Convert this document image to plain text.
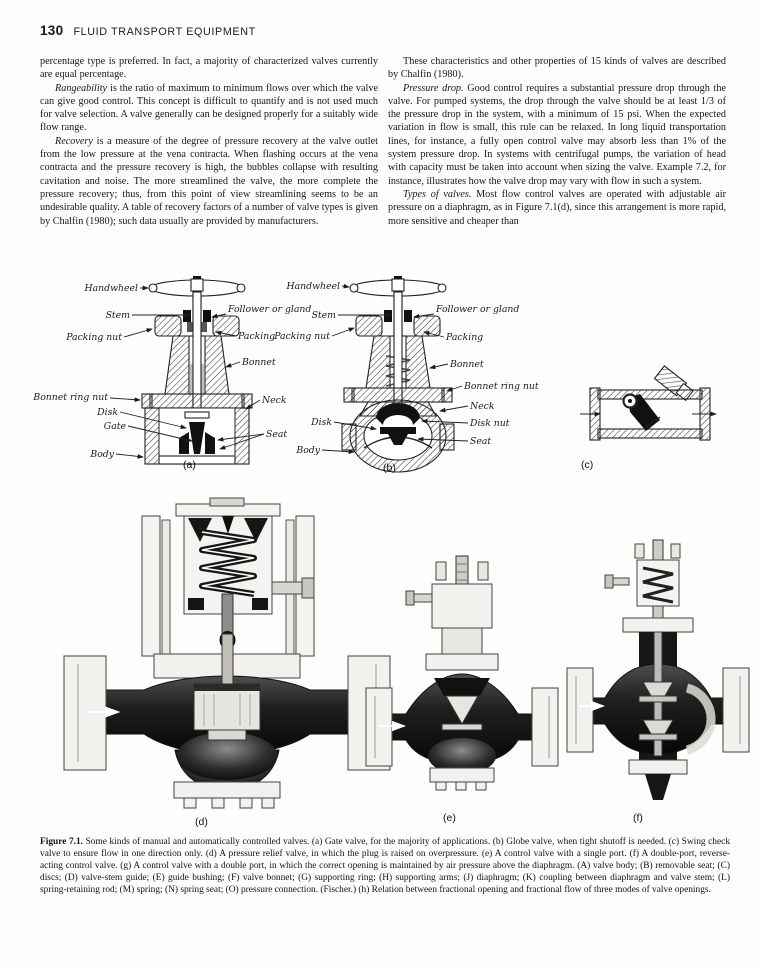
130 FLUID TRANSPORT EQUIPMENT

percentage type is preferred. In fact, a majority of characterized valves currently are equal percentage.

Rangeability is the ratio of maximum to minimum flows over which the valve can give good control. This concept is difficult to quantify and is not used much for valve selection. A valve generally can be designed properly for a suitably wide flow range.

Recovery is a measure of the degree of pressure recovery at the valve outlet from the low pressure at the vena contracta. When flashing occurs at the vena contracta and the pressure recovery is high, the bubbles collapse with resulting cavitation and noise. The more streamlined the valve, the more complete the pressure recovery; thus, from this point of view streamlining seems to be an undesirable quality. A table of recovery factors of a number of valve types is given by Chalfin (1980); such data usually are provided by manufacturers.

These characteristics and other properties of 15 kinds of valves are described by Chalfin (1980).

Pressure drop. Good control requires a substantial pressure drop through the valve. For pumped systems, the drop through the valve should be at least 1/3 of the pressure drop in the system, with a minimum of 15 psi. When the expected variation in flow is small, this rule can be relaxed. In long liquid transportation lines, for instance, a fully open control valve may absorb less than 1% of the system pressure drop. In systems with centrifugal pumps, the variation of head with capacity must be taken into account when sizing the valve. Example 7.2, for instance, illustrates how the valve drop may vary with flow in such a system.

Types of valves. Most flow control valves are operated with adjustable air pressure on a diaphragm, as in Figure 7.1(d), since this arrangement is more rapid, more sensitive and cheaper than

Handwheel
Stem
Packing nut
Bonnet ring nut
Disk
Gate
Body
Follower or gland
Packing
Bonnet
Neck
Seat
Handwheel
Stem
Packing nut
Disk
Body
Follower or gland
Packing
Bonnet
Bonnet ring nut
Neck
Disk nut
Seat
(a)	(b)	(c)
(d)	(e)	(f)
Figure 7.1. Some kinds of manual and automatically controlled valves. (a) Gate valve, for the majority of applications. (b) Globe valve, when tight shutoff is needed. (c) Swing check valve to ensure flow in one direction only. (d) A pressure relief valve, in which the plug is raised on overpressure. (e) A control valve with a single port. (f) A double-port, reverse-acting control valve. (g) A control valve with a double port, in which the correct opening is maintained by air pressure above the diaphragm. (A) valve body; (B) removable seat; (C) discs; (D) valve-stem guide; (E) guide bushing; (F) valve bonnet; (G) supporting ring; (H) supporting arms; (J) diaphragm; (K) coupling between diaphragm and valve stem; (L) spring-retaining rod; (M) spring; (N) spring seat; (O) pressure connection. (Fischer.) (h) Relation between fractional opening and fractional flow of three modes of valve openings.
